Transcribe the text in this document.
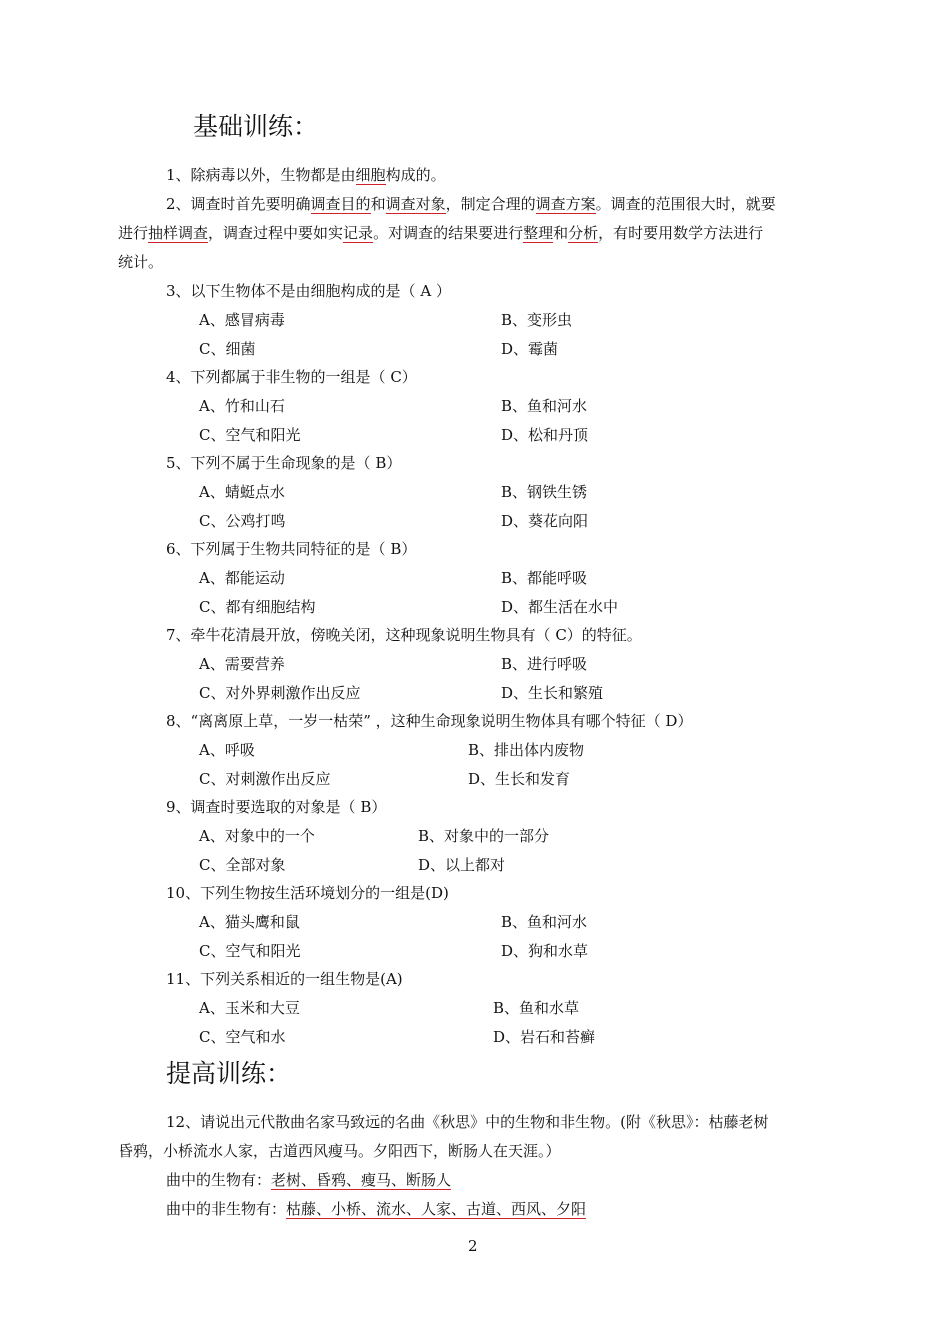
基础训练：
1、除病毒以外，生物都是由细胞构成的。
2、调查时首先要明确调查目的和调查对象，制定合理的调查方案。调查的范围很大时，就要
进行抽样调查，调查过程中要如实记录。对调查的结果要进行整理和分析，有时要用数学方法进行
统计。
3、以下生物体不是由细胞构成的是（ A ）
A、感冒病毒	B、变形虫
C、细菌	D、霉菌
4、下列都属于非生物的一组是（ C）
A、竹和山石	B、鱼和河水
C、空气和阳光	D、松和丹顶
5、下列不属于生命现象的是（ B）
A、蜻蜓点水	B、钢铁生锈
C、公鸡打鸣	D、葵花向阳
6、下列属于生物共同特征的是（ B）
A、都能运动	B、都能呼吸
C、都有细胞结构	D、都生活在水中
7、牵牛花清晨开放，傍晚关闭，这种现象说明生物具有（ C）的特征。
A、需要营养	B、进行呼吸
C、对外界刺激作出反应	D、生长和繁殖
8、“离离原上草，一岁一枯荣” ，这种生命现象说明生物体具有哪个特征（ D）
A、呼吸	B、排出体内废物
C、对刺激作出反应	D、生长和发育
9、调查时要选取的对象是（ B）
A、对象中的一个	B、对象中的一部分
C、全部对象	D、以上都对
10、下列生物按生活环境划分的一组是(D)
A、猫头鹰和鼠	B、鱼和河水
C、空气和阳光	D、狗和水草
11、下列关系相近的一组生物是(A)
A、玉米和大豆	B、鱼和水草
C、空气和水	D、岩石和苔癣
提高训练：
12、请说出元代散曲名家马致远的名曲《秋思》中的生物和非生物。(附《秋思》：枯藤老树
昏鸦，小桥流水人家，古道西风瘦马。夕阳西下，断肠人在天涯。）
曲中的生物有：老树、昏鸦、瘦马、断肠人
曲中的非生物有：枯藤、小桥、流水、人家、古道、西风、夕阳
2
